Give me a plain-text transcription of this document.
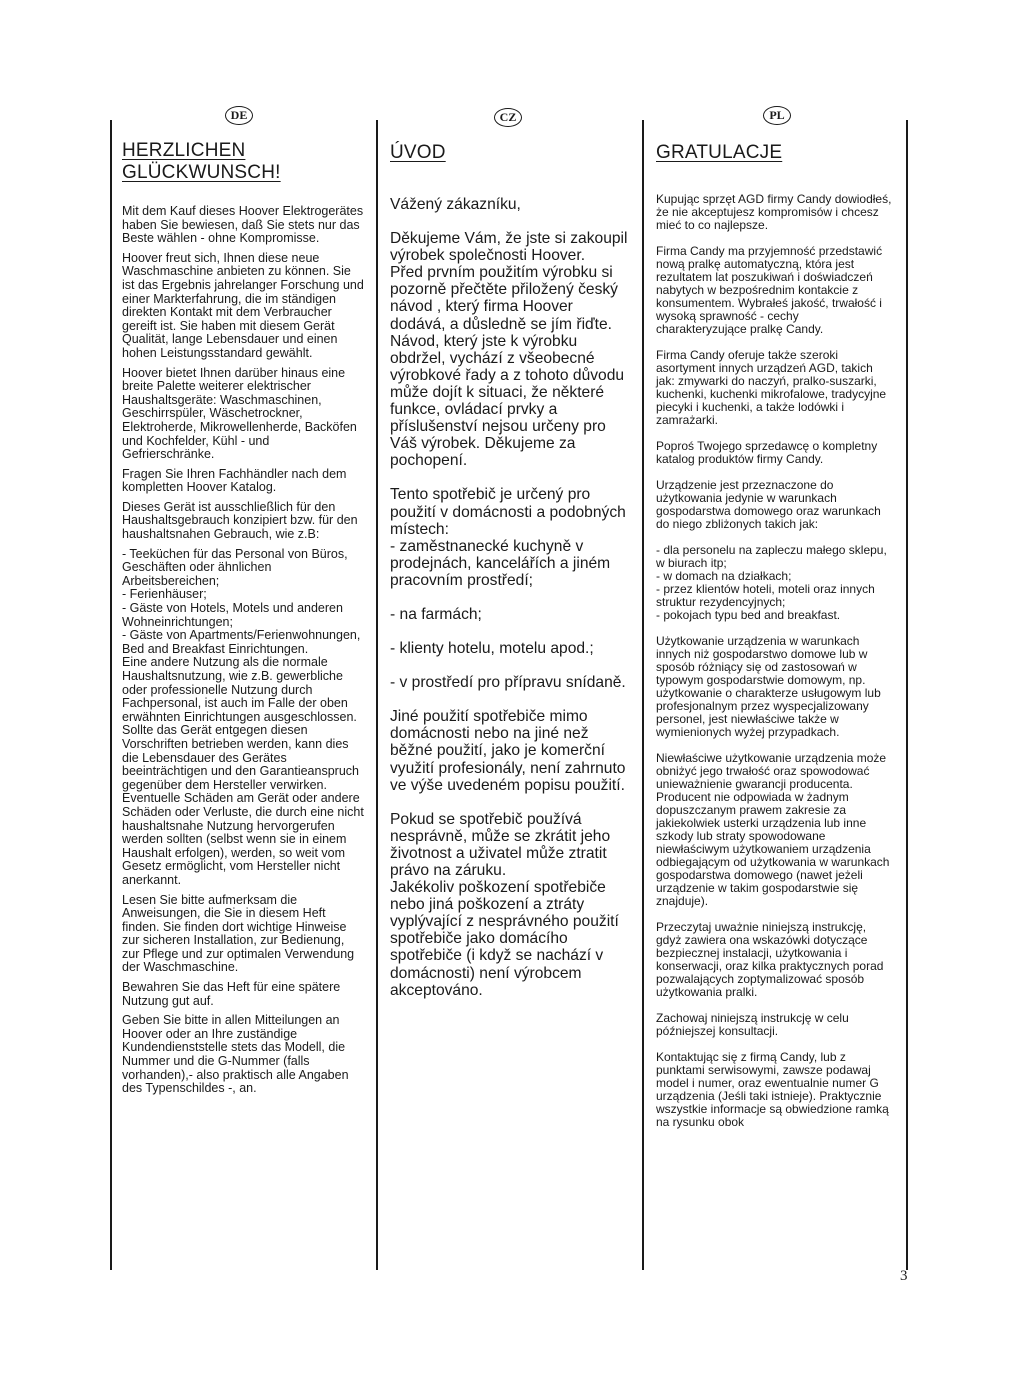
DE
HERZLICHEN
GLÜCKWUNSCH!

Mit dem Kauf dieses Hoover Elektrogerätes haben Sie bewiesen, daß Sie stets nur das Beste wählen - ohne Kompromisse.

Hoover freut sich, Ihnen diese neue Waschmaschine anbieten zu können. Sie ist das Ergebnis jahrelanger Forschung und einer Markterfahrung, die im ständigen direkten Kontakt mit dem Verbraucher gereift ist. Sie haben mit diesem Gerät Qualität, lange Lebensdauer und einen hohen Leistungsstandard gewählt.

Hoover bietet Ihnen darüber hinaus eine breite Palette weiterer elektrischer Haushaltsgeräte: Waschmaschinen, Geschirrspüler, Wäschetrockner, Elektroherde, Mikrowellenherde, Backöfen und Kochfelder, Kühl - und Gefrierschränke.

Fragen Sie Ihren Fachhändler nach dem kompletten Hoover Katalog.

Dieses Gerät ist ausschließlich für den Haushaltsgebrauch konzipiert bzw. für den haushaltsnahen Gebrauch, wie z.B:

- Teeküchen für das Personal von Büros, Geschäften oder ähnlichen Arbeitsbereichen;
- Ferienhäuser;
- Gäste von Hotels, Motels und anderen Wohneinrichtungen;
- Gäste von Apartments/Ferienwohnungen, Bed and Breakfast Einrichtungen.
Eine andere Nutzung als die normale Haushaltsnutzung, wie z.B. gewerbliche oder professionelle Nutzung durch Fachpersonal, ist auch im Falle der oben erwähnten Einrichtungen ausgeschlossen.
Sollte das Gerät entgegen diesen Vorschriften betrieben werden, kann dies die Lebensdauer des Gerätes beeinträchtigen und den Garantieanspruch gegenüber dem Hersteller verwirken.
Eventuelle Schäden am Gerät oder andere Schäden oder Verluste, die durch eine nicht haushaltsnahe Nutzung hervorgerufen werden sollten (selbst wenn sie in einem Haushalt erfolgen), werden, so weit vom Gesetz ermöglicht, vom Hersteller nicht anerkannt.

Lesen Sie bitte aufmerksam die Anweisungen, die Sie in diesem Heft finden. Sie finden dort wichtige Hinweise zur sicheren Installation, zur Bedienung, zur Pflege und zur optimalen Verwendung der Waschmaschine.

Bewahren Sie das Heft für eine spätere Nutzung gut auf.

Geben Sie bitte in allen Mitteilungen an Hoover oder an Ihre zuständige Kundendienststelle stets das Modell, die Nummer und die G-Nummer (falls vorhanden),- also praktisch alle Angaben des Typenschildes -, an.

CZ
ÚVOD

Vážený zákazníku,

Děkujeme Vám, že jste si zakoupil výrobek společnosti Hoover.
Před prvním použitím výrobku si pozorně přečtěte přiložený český návod , který firma Hoover dodává, a důsledně se jím řiďte.
Návod, který jste k výrobku obdržel, vychází z všeobecné výrobkové řady a z tohoto důvodu může dojít k situaci, že některé funkce, ovládací prvky a příslušenství nejsou určeny pro Váš výrobek. Děkujeme za pochopení.

Tento spotřebič je určený pro použití v domácnosti a podobných místech:
- zaměstnanecké kuchyně v prodejnách, kancelářích a jiném pracovním prostředí;

- na farmách;

- klienty hotelu, motelu apod.;

- v prostředí pro přípravu snídaně.

Jiné použití spotřebiče mimo domácnosti nebo na jiné než běžné použití, jako je komerční využití profesionály, není zahrnuto ve výše uvedeném popisu použití.

Pokud se spotřebič používá nesprávně, může se zkrátit jeho životnost a uživatel může ztratit právo na záruku.
Jakékoliv poškození spotřebiče nebo jiná poškození a ztráty vyplývající z nesprávného použití spotřebiče jako domácího spotřebiče (i když se nachází v domácnosti) není výrobcem akceptováno.

PL
GRATULACJE

Kupując sprzęt AGD firmy Candy dowiodłeś, że nie akceptujesz kompromisów i chcesz mieć to co najlepsze.

Firma Candy ma przyjemność przedstawić nową pralkę automatyczną, która jest rezultatem lat poszukiwań i doświadczeń nabytych w bezpośrednim kontakcie z konsumentem. Wybrałeś jakość, trwałość i wysoką sprawność - cechy charakteryzujące pralkę Candy.

Firma Candy oferuje także szeroki asortyment innych urządzeń AGD, takich jak: zmywarki do naczyń, pralko-suszarki, kuchenki, kuchenki mikrofalowe, tradycyjne piecyki i kuchenki, a także lodówki i zamrażarki.

Poproś Twojego sprzedawcę o kompletny katalog produktów firmy Candy.

Urządzenie jest przeznaczone do użytkowania jedynie w warunkach gospodarstwa domowego oraz warunkach do niego zbliżonych takich jak:

- dla personelu na zapleczu małego sklepu, w biurach itp;
- w domach na działkach;
- przez klientów hoteli, moteli oraz innych struktur rezydencyjnych;
- pokojach typu bed and breakfast.

Użytkowanie urządzenia w warunkach innych niż gospodarstwo domowe lub w sposób różniący się od zastosowań w typowym gospodarstwie domowym, np. użytkowanie o charakterze usługowym lub profesjonalnym przez wyspecjalizowany personel, jest niewłaściwe także w wymienionych wyżej przypadkach.

Niewłaściwe użytkowanie urządzenia może obniżyć jego trwałość oraz spowodować unieważnienie gwarancji producenta.
Producent nie odpowiada w żadnym dopuszczanym prawem zakresie za jakiekolwiek usterki urządzenia lub inne szkody lub straty spowodowane niewłaściwym użytkowaniem urządzenia odbiegającym od użytkowania w warunkach gospodarstwa domowego (nawet jeżeli urządzenie w takim gospodarstwie się znajduje).

Przeczytaj uważnie niniejszą instrukcję, gdyż zawiera ona wskazówki dotyczące bezpiecznej instalacji, użytkowania i konserwacji, oraz kilka praktycznych porad pozwalających zoptymalizować sposób użytkowania pralki.

Zachowaj niniejszą instrukcję w celu późniejszej konsultacji.

Kontaktując się z firmą Candy, lub z punktami serwisowymi, zawsze podawaj model i numer, oraz ewentualnie numer G urządzenia (Jeśli taki istnieje). Praktycznie wszystkie informacje są obwiedzione ramką na rysunku obok

3
